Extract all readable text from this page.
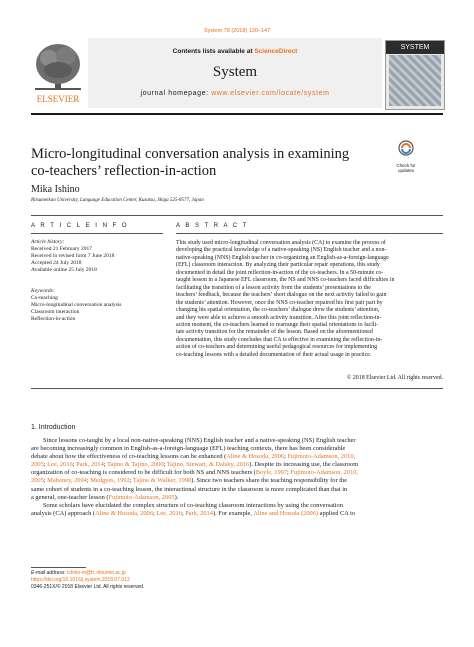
System 78 (2018) 130–147
ELSEVIER
Contents lists available at ScienceDirect
System
journal homepage: www.elsevier.com/locate/system
SYSTEM
Micro-longitudinal conversation analysis in examining
co-teachers’ reflection-in-action	Check for updates
Mika Ishino
Ritsumeikan University, Language Education Center, Kusatsu, Shiga 525-8577, Japan
A R T I C L E I N F O	A B S T R A C T
Article history:
Received 21 February 2017
Received in revised form 7 June 2018
Accepted 24 July 2018
Available online 25 July 2018
Keywords:
Co-teaching
Micro-longitudinal conversation analysis
Classroom interaction
Reflection-in-action
This study used micro-longitudinal conversation analysis (CA) to examine the process of
developing the practical knowledge of a native-speaking (NS) English teacher and a non-
native-speaking (NNS) English teacher in co-organizing an English-as-a-foreign-language
(EFL) classroom interaction. By analyzing their particular repair operations, this study
documented in detail the joint reflection-in-action of the co-teachers. In a 50-minute co-
taught lesson in a Japanese EFL classroom, the NS and NNS co-teachers faced difficulties in
facilitating the transition of a lesson activity from the students’ presentations to the
teachers’ feedback, because the teachers’ short dialogue on the next activity failed to gain
the students’ attention. However, once the NNS co-teacher repaired his first pair part by
changing his spatial orientation, the co-teachers’ dialogue drew the students’ attention,
and they were able to achieve a smooth activity transition. After this joint reflection-in-
action moment, the co-teachers learned to rearrange their spatial orientations to facili-
tate activity transition for the remainder of the lesson. Based on the aforementioned
documentation, this study concludes that CA is effective in examining the reflection-in-
action of co-teachers and determining useful pedagogical resources for implementing
co-teaching lessons with a detailed documentation of their actual usage in practice.
© 2018 Elsevier Ltd. All rights reserved.
1. Introduction
Since lessons co-taught by a local non-native-speaking (NNS) English teacher and a native-speaking (NS) English teacher
are becoming increasingly common in English-as-a-foreign-language (EFL) teaching contexts, there has been considerable
debate about how the effectiveness of co-teaching lessons can be enhanced (Aline & Hosoda, 2006; Fujimoto-Adamson, 2010,
2005; Lee, 2016; Park, 2014; Tajino & Tajino, 2000; Tajino, Stewart, & Dalsky, 2016). Despite its increasing use, the classroom
organization of co-teaching is considered to be difficult for both NS and NNS teachers (Boyle, 1997; Fujimoto-Adamson, 2010,
2005; Mahoney, 2004; Medgyes, 1992; Tajino & Walker, 1998). Since two teachers share the teaching responsibility for the
same cohort of students in a co-teaching lesson, the interactional structure in the classroom is more complicated than that in
a general, one-teacher lesson (Fujimoto-Adamson, 2005).
Some scholars have elucidated the complex structure of co-teaching classroom interactions by using the conversation
analysis (CA) approach (Aline & Hosoda, 2006; Lee, 2016; Park, 2014). For example, Aline and Hosoda (2006) applied CA to
E-mail address: ishino-m@fc.ritsumei.ac.jp
https://doi.org/10.1016/j.system.2018.07.013
0346-251X/© 2018 Elsevier Ltd. All rights reserved.
